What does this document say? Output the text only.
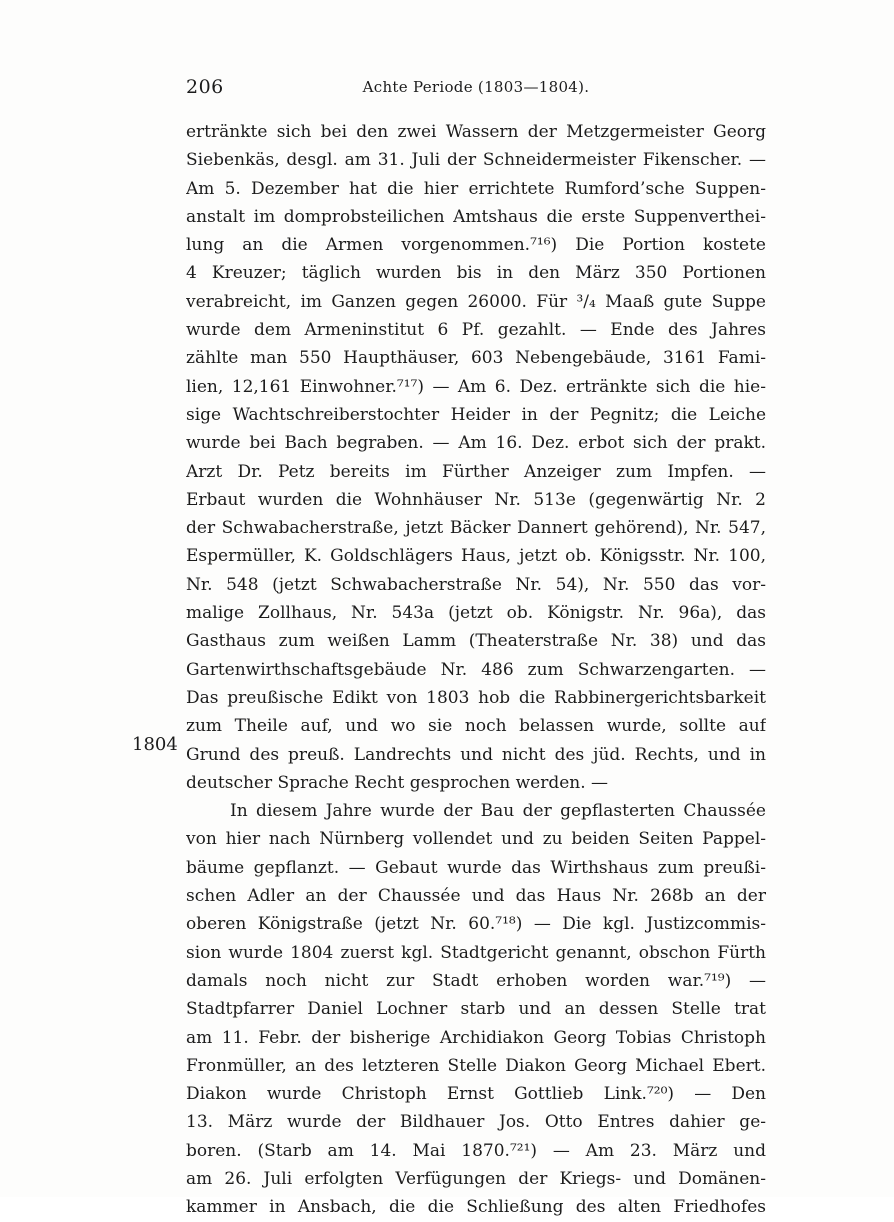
206	Achte Periode (1803—1804).
1804
ertränkte sich bei den zwei Wassern der Metzgermeister Georg
Siebenkäs, desgl. am 31. Juli der Schneidermeister Fikenscher. —
Am 5. Dezember hat die hier errichtete Rumford’sche Suppen-
anstalt im domprobsteilichen Amtshaus die erste Suppenverthei-
lung an die Armen vorgenommen.⁷¹⁶) Die Portion kostete
4 Kreuzer; täglich wurden bis in den März 350 Portionen
verabreicht, im Ganzen gegen 26000. Für ³/₄ Maaß gute Suppe
wurde dem Armeninstitut 6 Pf. gezahlt. — Ende des Jahres
zählte man 550 Haupthäuser, 603 Nebengebäude, 3161 Fami-
lien, 12,161 Einwohner.⁷¹⁷) — Am 6. Dez. ertränkte sich die hie-
sige Wachtschreiberstochter Heider in der Pegnitz; die Leiche
wurde bei Bach begraben. — Am 16. Dez. erbot sich der prakt.
Arzt Dr. Petz bereits im Fürther Anzeiger zum Impfen. —
Erbaut wurden die Wohnhäuser Nr. 513e (gegenwärtig Nr. 2
der Schwabacherstraße, jetzt Bäcker Dannert gehörend), Nr. 547,
Espermüller, K. Goldschlägers Haus, jetzt ob. Königsstr. Nr. 100,
Nr. 548 (jetzt Schwabacherstraße Nr. 54), Nr. 550 das vor-
malige Zollhaus, Nr. 543a (jetzt ob. Königstr. Nr. 96a), das
Gasthaus zum weißen Lamm (Theaterstraße Nr. 38) und das
Gartenwirthschaftsgebäude Nr. 486 zum Schwarzengarten. —
Das preußische Edikt von 1803 hob die Rabbinergerichtsbarkeit
zum Theile auf, und wo sie noch belassen wurde, sollte auf
Grund des preuß. Landrechts und nicht des jüd. Rechts, und in
deutscher Sprache Recht gesprochen werden. —
In diesem Jahre wurde der Bau der gepflasterten Chaussée
von hier nach Nürnberg vollendet und zu beiden Seiten Pappel-
bäume gepflanzt. — Gebaut wurde das Wirthshaus zum preußi-
schen Adler an der Chaussée und das Haus Nr. 268b an der
oberen Königstraße (jetzt Nr. 60.⁷¹⁸) — Die kgl. Justizcommis-
sion wurde 1804 zuerst kgl. Stadtgericht genannt, obschon Fürth
damals noch nicht zur Stadt erhoben worden war.⁷¹⁹) —
Stadtpfarrer Daniel Lochner starb und an dessen Stelle trat
am 11. Febr. der bisherige Archidiakon Georg Tobias Christoph
Fronmüller, an des letzteren Stelle Diakon Georg Michael Ebert.
Diakon wurde Christoph Ernst Gottlieb Link.⁷²⁰) — Den
13. März wurde der Bildhauer Jos. Otto Entres dahier ge-
boren. (Starb am 14. Mai 1870.⁷²¹) — Am 23. März und
am 26. Juli erfolgten Verfügungen der Kriegs- und Domänen-
kammer in Ansbach, die die Schließung des alten Friedhofes
